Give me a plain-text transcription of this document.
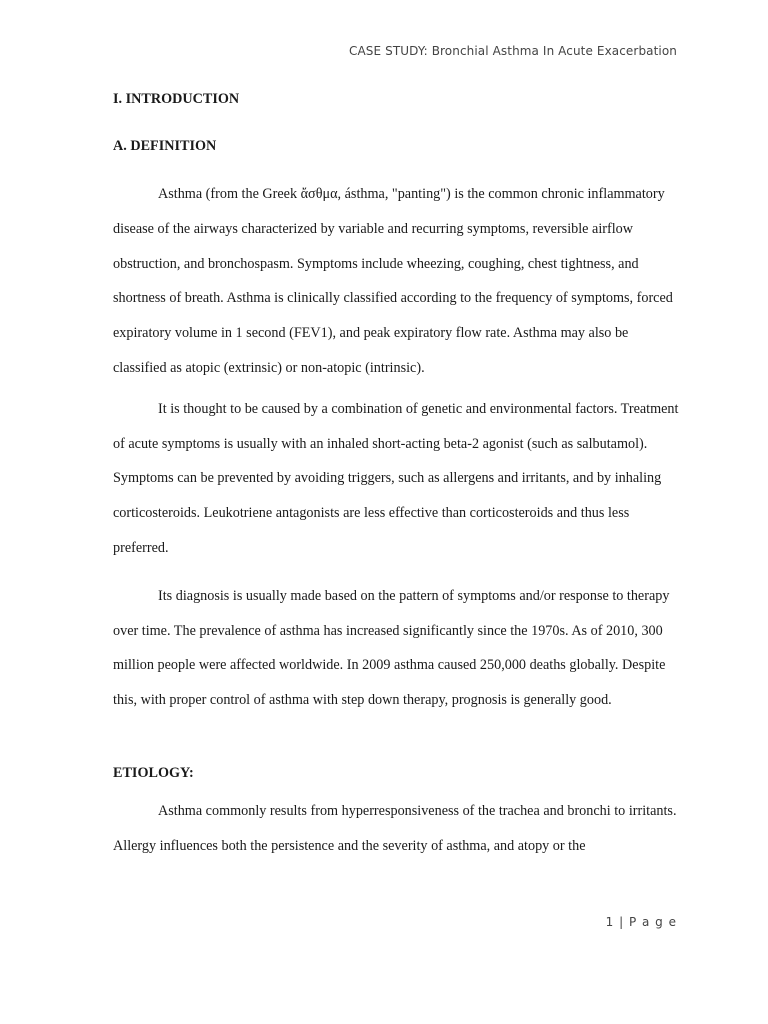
CASE STUDY: Bronchial Asthma In Acute Exacerbation

I. INTRODUCTION

A. DEFINITION

Asthma (from the Greek ἄσθμα, ásthma, "panting") is the common chronic inflammatory disease of the airways characterized by variable and recurring symptoms, reversible airflow obstruction, and bronchospasm. Symptoms include wheezing, coughing, chest tightness, and shortness of breath. Asthma is clinically classified according to the frequency of symptoms, forced expiratory volume in 1 second (FEV1), and peak expiratory flow rate. Asthma may also be classified as atopic (extrinsic) or non-atopic (intrinsic).

It is thought to be caused by a combination of genetic and environmental factors. Treatment of acute symptoms is usually with an inhaled short-acting beta-2 agonist (such as salbutamol). Symptoms can be prevented by avoiding triggers, such as allergens and irritants, and by inhaling corticosteroids. Leukotriene antagonists are less effective than corticosteroids and thus less preferred.

Its diagnosis is usually made based on the pattern of symptoms and/or response to therapy over time. The prevalence of asthma has increased significantly since the 1970s. As of 2010, 300 million people were affected worldwide. In 2009 asthma caused 250,000 deaths globally. Despite this, with proper control of asthma with step down therapy, prognosis is generally good.

ETIOLOGY:

Asthma commonly results from hyperresponsiveness of the trachea and bronchi to irritants. Allergy influences both the persistence and the severity of asthma, and atopy or the

1 | P a g e
